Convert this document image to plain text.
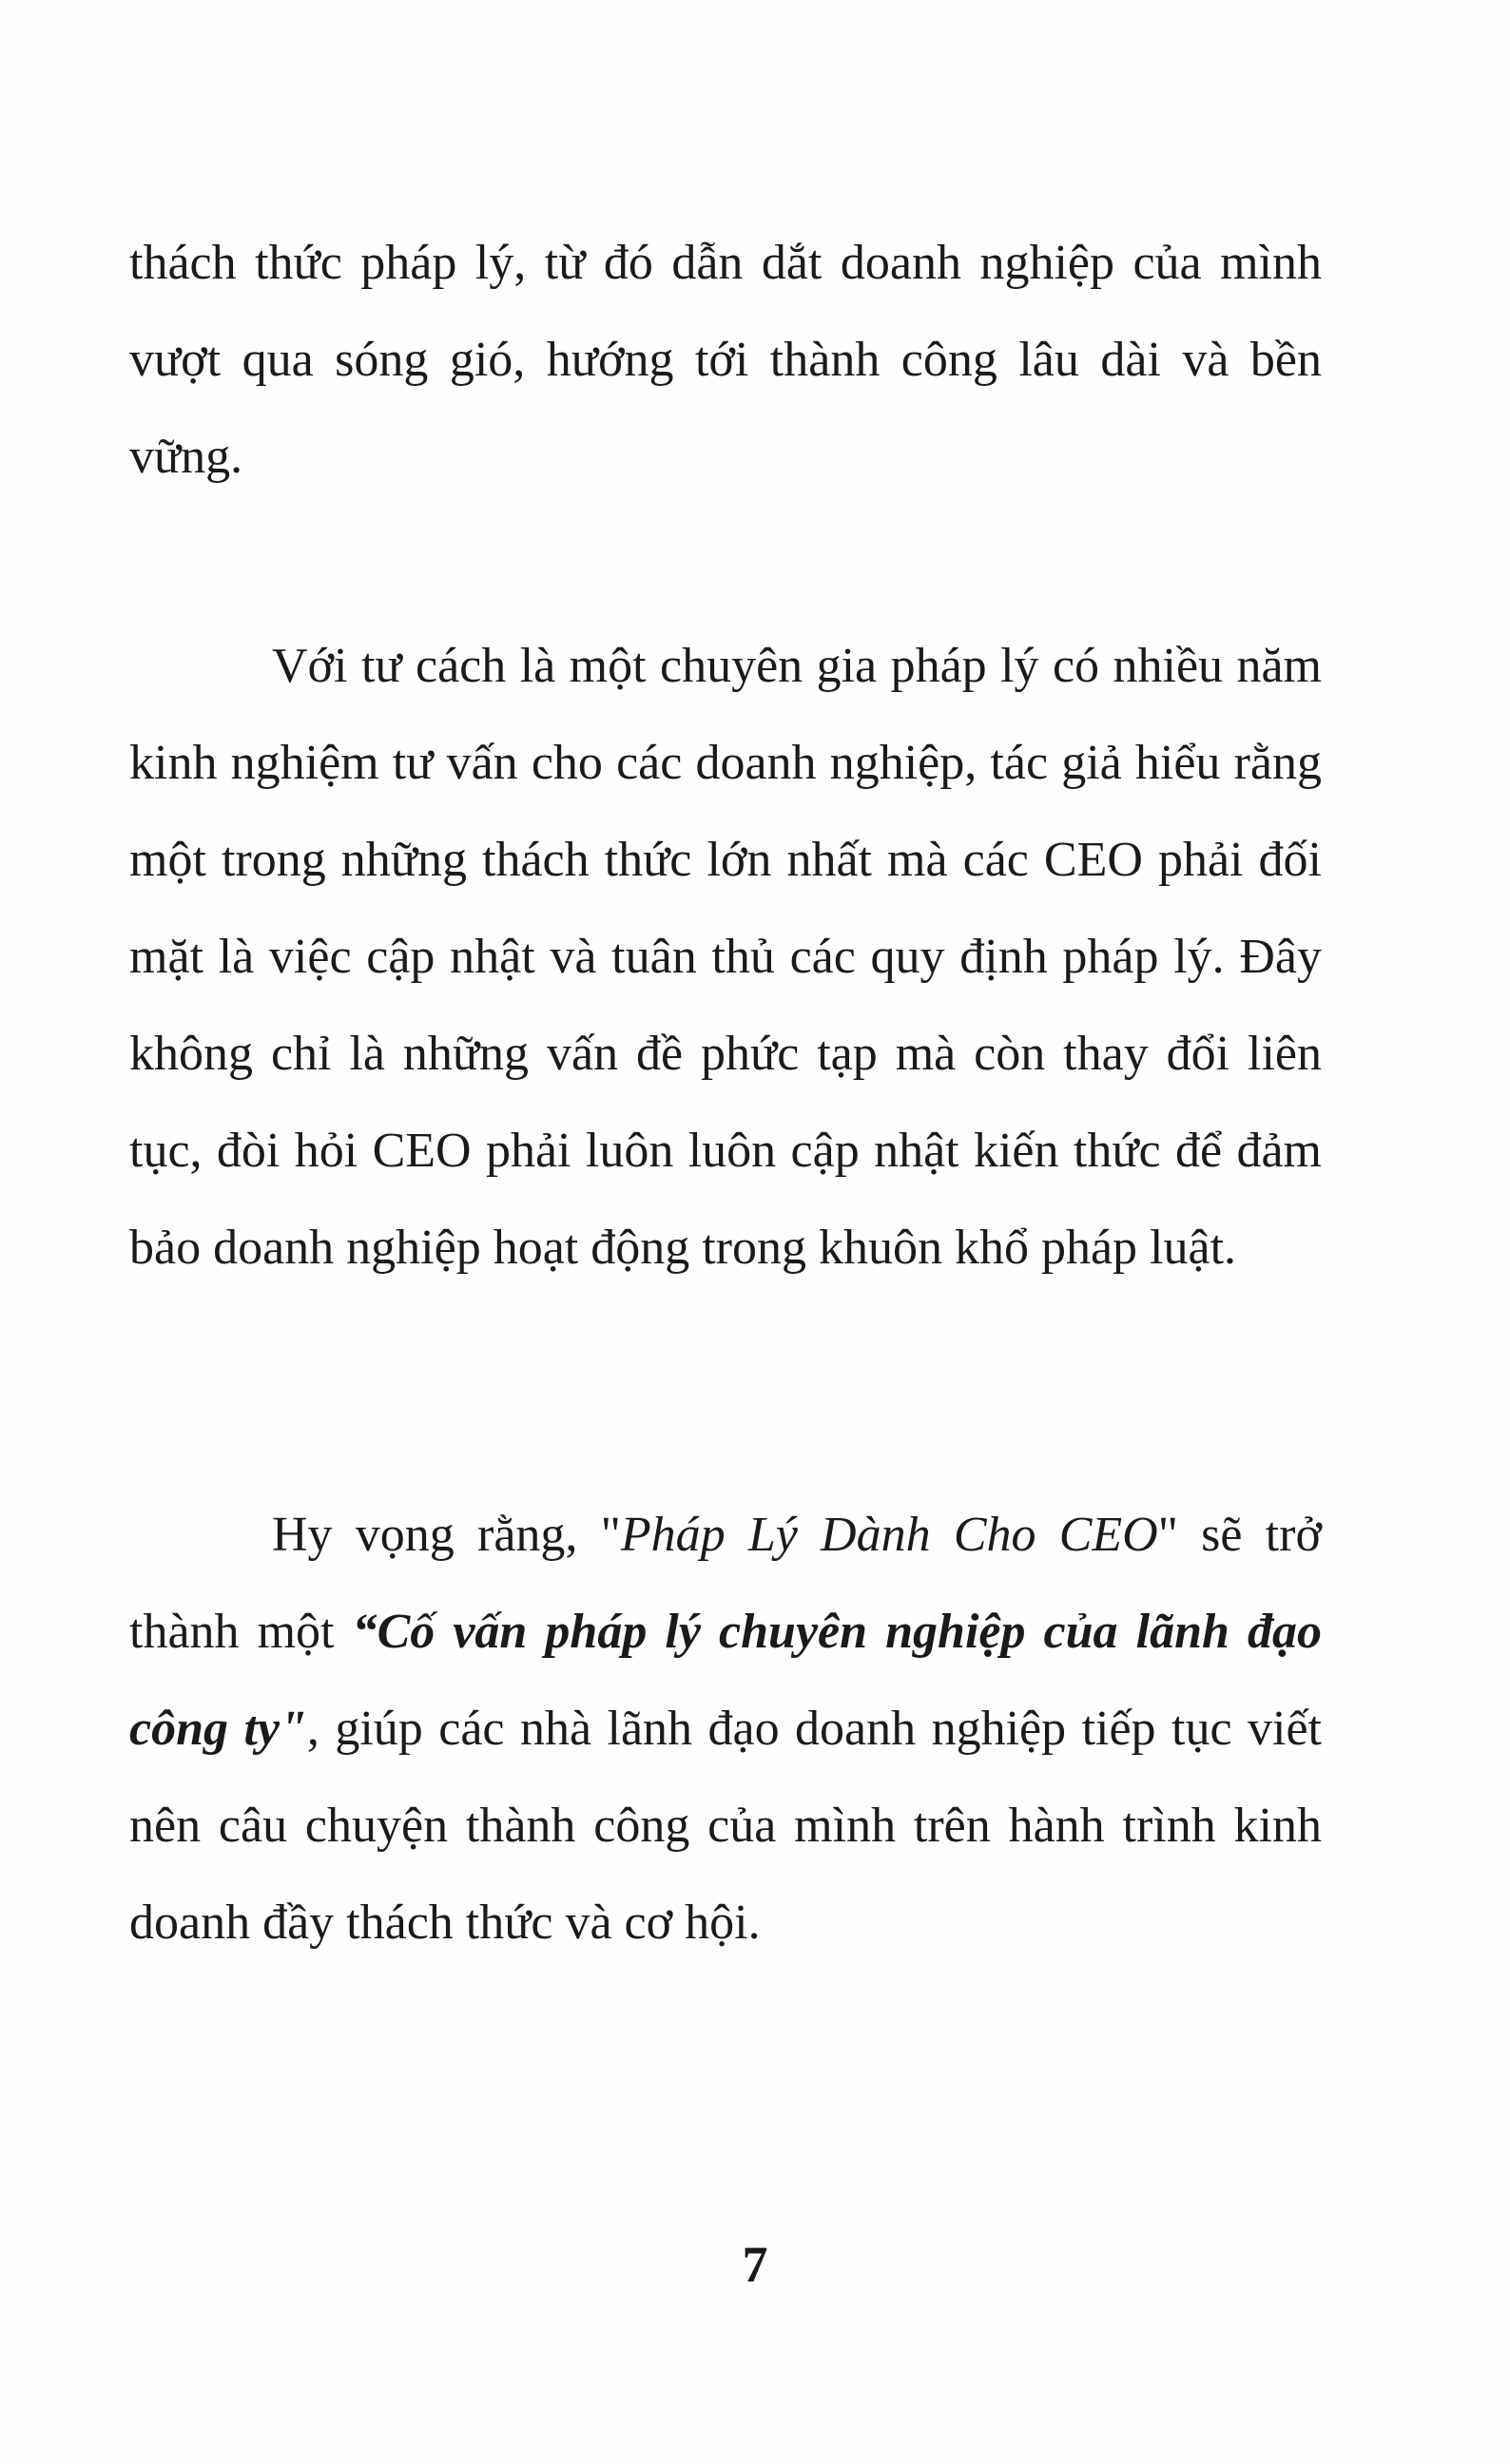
thách thức pháp lý, từ đó dẫn dắt doanh nghiệp của mình vượt qua sóng gió, hướng tới thành công lâu dài và bền vững.

Với tư cách là một chuyên gia pháp lý có nhiều năm kinh nghiệm tư vấn cho các doanh nghiệp, tác giả hiểu rằng một trong những thách thức lớn nhất mà các CEO phải đối mặt là việc cập nhật và tuân thủ các quy định pháp lý. Đây không chỉ là những vấn đề phức tạp mà còn thay đổi liên tục, đòi hỏi CEO phải luôn luôn cập nhật kiến thức để đảm bảo doanh nghiệp hoạt động trong khuôn khổ pháp luật.

Hy vọng rằng, "Pháp Lý Dành Cho CEO" sẽ trở thành một “Cố vấn pháp lý chuyên nghiệp của lãnh đạo công ty", giúp các nhà lãnh đạo doanh nghiệp tiếp tục viết nên câu chuyện thành công của mình trên hành trình kinh doanh đầy thách thức và cơ hội.

7
